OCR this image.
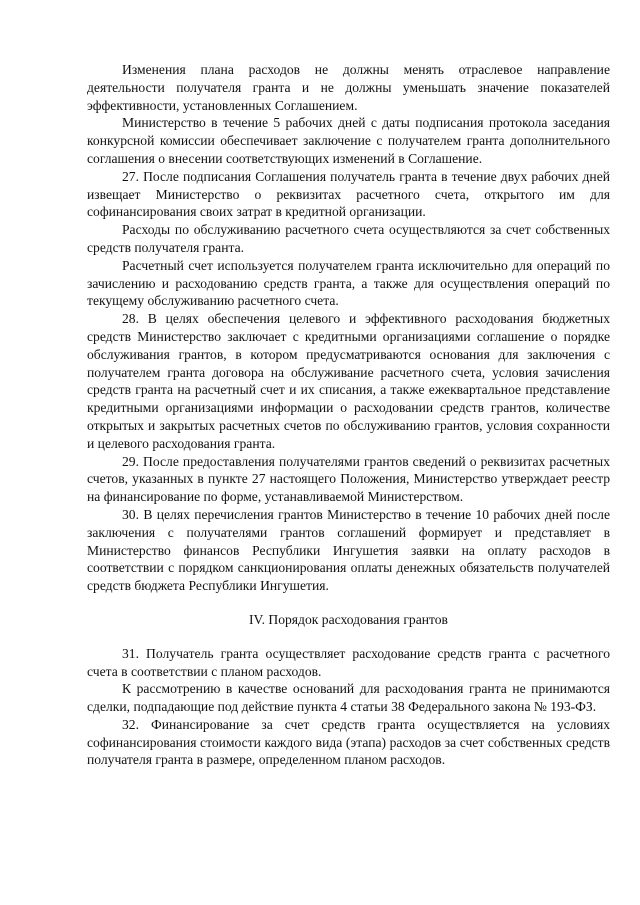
Изменения плана расходов не должны менять отраслевое направление деятельности получателя гранта и не должны уменьшать значение показателей эффективности, установленных Соглашением.

Министерство в течение 5 рабочих дней с даты подписания протокола заседания конкурсной комиссии обеспечивает заключение с получателем гранта дополнительного соглашения о внесении соответствующих изменений в Соглашение.

27. После подписания Соглашения получатель гранта в течение двух рабочих дней извещает Министерство о реквизитах расчетного счета, открытого им для софинансирования своих затрат в кредитной организации.

Расходы по обслуживанию расчетного счета осуществляются за счет собственных средств получателя гранта.

Расчетный счет используется получателем гранта исключительно для операций по зачислению и расходованию средств гранта, а также для осуществления операций по текущему обслуживанию расчетного счета.

28. В целях обеспечения целевого и эффективного расходования бюджетных средств Министерство заключает с кредитными организациями соглашение о порядке обслуживания грантов, в котором предусматриваются основания для заключения с получателем гранта договора на обслуживание расчетного счета, условия зачисления средств гранта на расчетный счет и их списания, а также ежеквартальное представление кредитными организациями информации о расходовании средств грантов, количестве открытых и закрытых расчетных счетов по обслуживанию грантов, условия сохранности и целевого расходования гранта.

29. После предоставления получателями грантов сведений о реквизитах расчетных счетов, указанных в пункте 27 настоящего Положения, Министерство утверждает реестр на финансирование по форме, устанавливаемой Министерством.

30. В целях перечисления грантов Министерство в течение 10 рабочих дней после заключения с получателями грантов соглашений формирует и представляет в Министерство финансов Республики Ингушетия заявки на оплату расходов в соответствии с порядком санкционирования оплаты денежных обязательств получателей средств бюджета Республики Ингушетия.

IV. Порядок расходования грантов

31. Получатель гранта осуществляет расходование средств гранта с расчетного счета в соответствии с планом расходов.

К рассмотрению в качестве оснований для расходования гранта не принимаются сделки, подпадающие под действие пункта 4 статьи 38 Федерального закона № 193-ФЗ.

32. Финансирование за счет средств гранта осуществляется на условиях софинансирования стоимости каждого вида (этапа) расходов за счет собственных средств получателя гранта в размере, определенном планом расходов.
